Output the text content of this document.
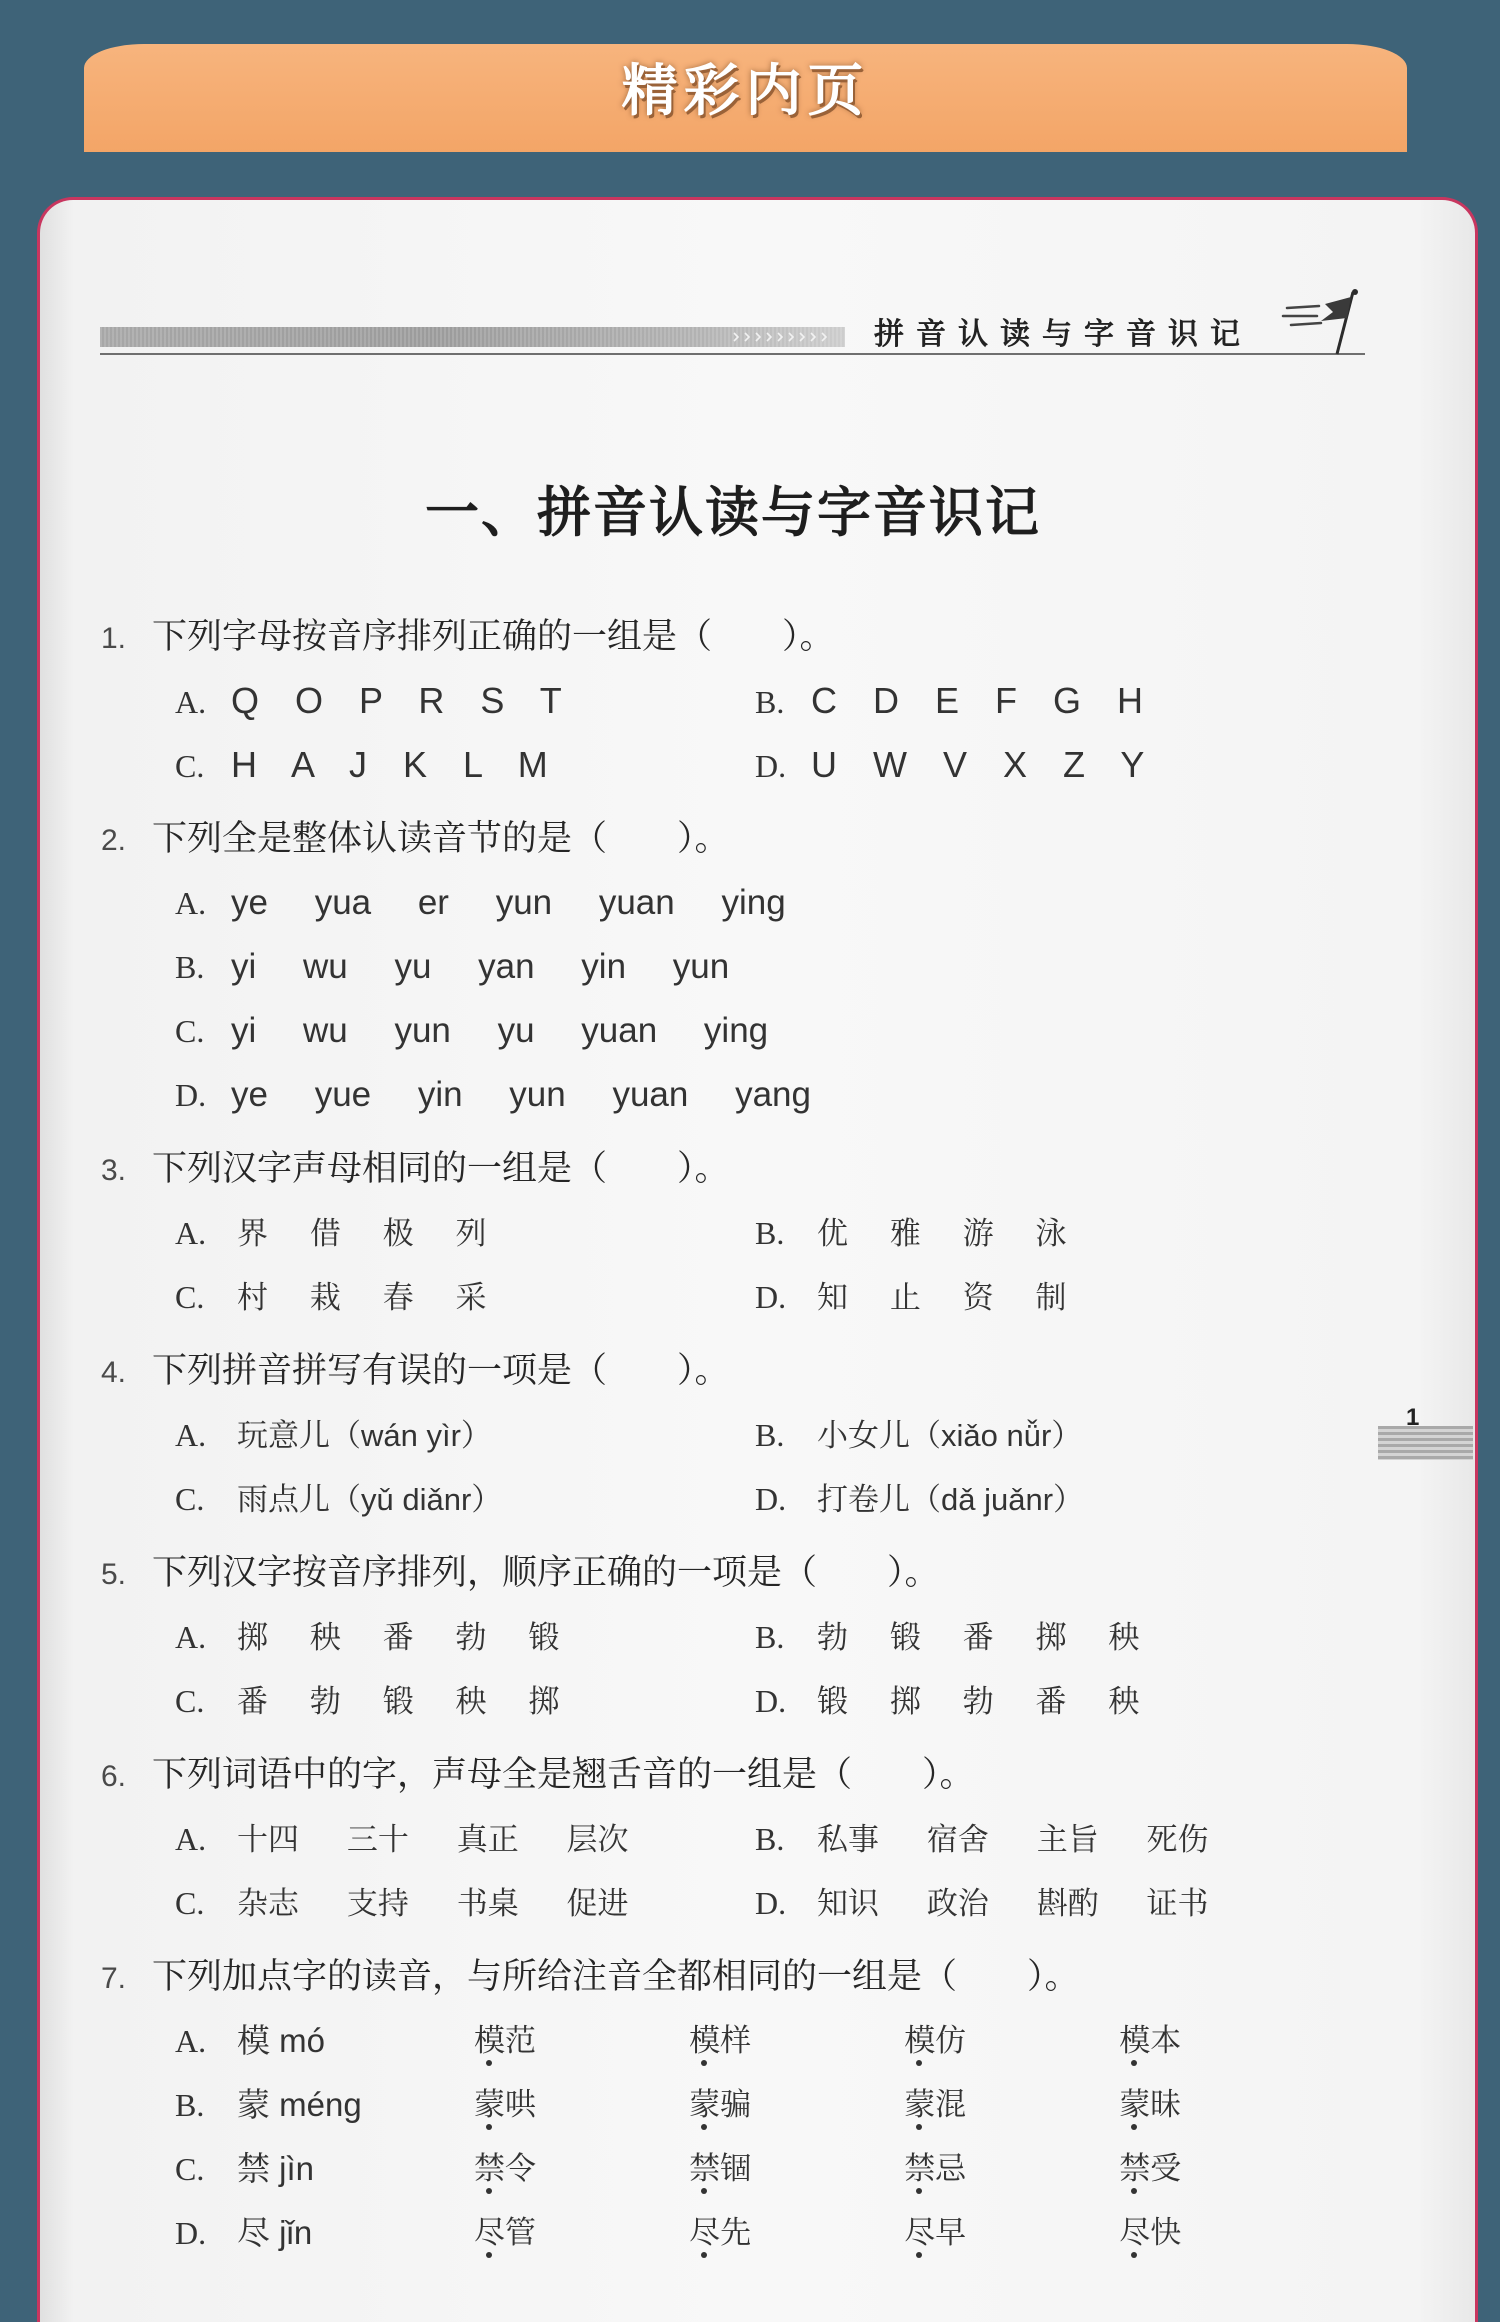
精彩内页
拼音认读与字音识记
一、拼音认读与字音识记
1. 下列字母按音序排列正确的一组是（　　）。
A. Q O P R S T	B. C D E F G H
C. H A J K L M	D. U W V X Z Y
2. 下列全是整体认读音节的是（　　）。
A. ye yua er yun yuan ying
B. yi wu yu yan yin yun
C. yi wu yun yu yuan ying
D. ye yue yin yun yuan yang
3. 下列汉字声母相同的一组是（　　）。
A. 界 借 极 列	B. 优 雅 游 泳
C. 村 栽 春 采	D. 知 止 资 制
4. 下列拼音拼写有误的一项是（　　）。
A. 玩意儿（wán yìr）	B. 小女儿（xiǎo nǚr）
C. 雨点儿（yǔ diǎnr）	D. 打卷儿（dǎ juǎnr）
5. 下列汉字按音序排列，顺序正确的一项是（　　）。
A. 掷 秧 番 勃 锻	B. 勃 锻 番 掷 秧
C. 番 勃 锻 秧 掷	D. 锻 掷 勃 番 秧
6. 下列词语中的字，声母全是翘舌音的一组是（　　）。
A. 十四 三十 真正 层次	B. 私事 宿舍 主旨 死伤
C. 杂志 支持 书桌 促进	D. 知识 政治 斟酌 证书
7. 下列加点字的读音，与所给注音全都相同的一组是（　　）。
A. 模 mó	模范	模样	模仿	模本
B. 蒙 méng	蒙哄	蒙骗	蒙混	蒙昧
C. 禁 jìn	禁令	禁锢	禁忌	禁受
D. 尽 jǐn	尽管	尽先	尽早	尽快
1
